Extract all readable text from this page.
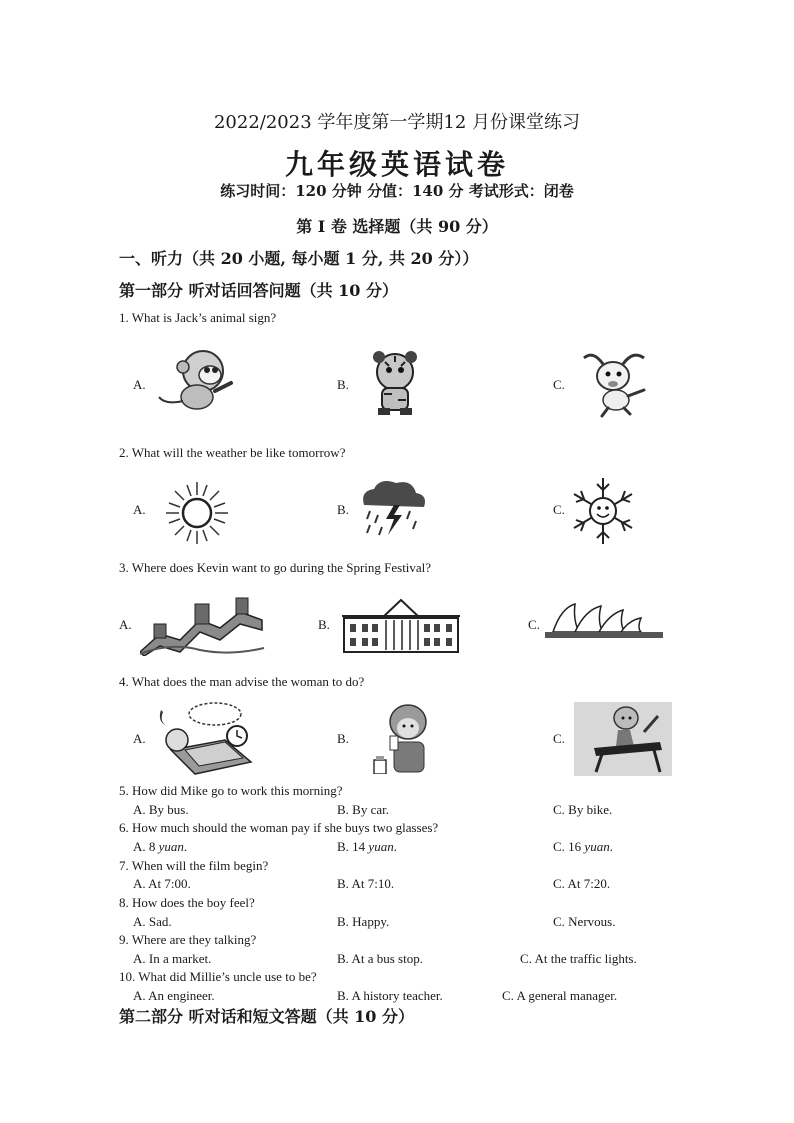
2022/2023 学年度第一学期12 月份课堂练习
九年级英语试卷
练习时间：120 分钟 分值：140 分 考试形式：闭卷
第 I 卷 选择题（共 90 分）
一、听力（共 20 小题, 每小题 1 分, 共 20 分））
第一部分 听对话回答问题（共 10 分）
1. What is Jack’s animal sign?
A.	B.	C.
2. What will the weather be like tomorrow?
A.	B.	C.
3. Where does Kevin want to go during the Spring Festival?
A.	B.	C.
4. What does the man advise the woman to do?
A.	B.	C.
5. How did Mike go to work this morning?
A. By bus.	B. By car.	C. By bike.
6. How much should the woman pay if she buys two glasses?
A. 8 yuan.	B. 14 yuan.	C. 16 yuan.
7. When will the film begin?
A. At 7:00.	B. At 7:10.	C. At 7:20.
8. How does the boy feel?
A. Sad.	B. Happy.	C. Nervous.
9. Where are they talking?
A. In a market.	B. At a bus stop.	C. At the traffic lights.
10. What did Millie’s uncle use to be?
A. An engineer.	B. A history teacher.	C. A general manager.
第二部分 听对话和短文答题（共 10 分）
